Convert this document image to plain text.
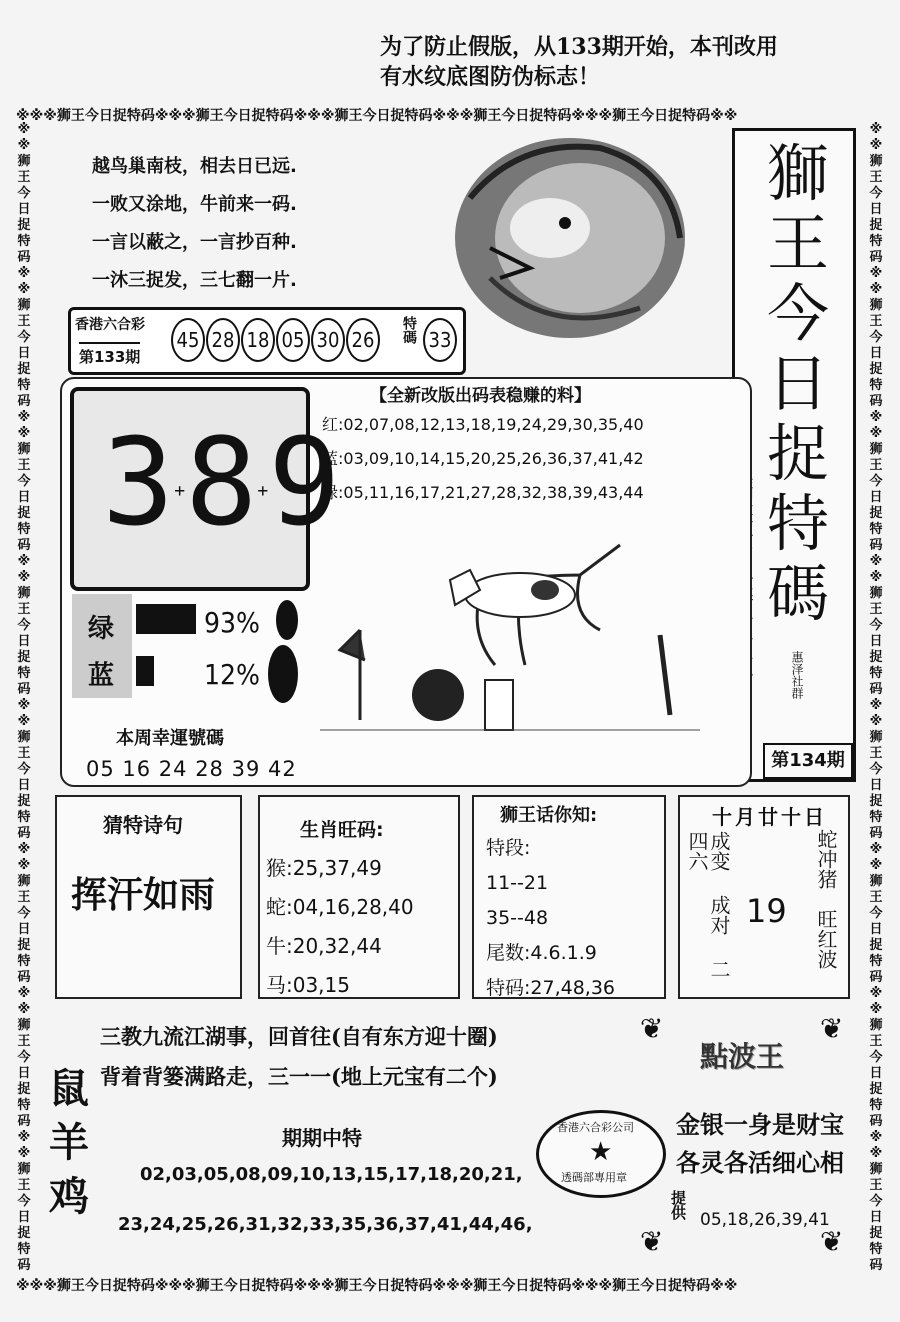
为了防止假版，从133期开始，本刊改用
有水纹底图防伪标志！
※※※狮王今日捉特码※※※狮王今日捉特码※※※狮王今日捉特码※※※狮王今日捉特码※※※狮王今日捉特码※※
※※※狮王今日捉特码※※※狮王今日捉特码※※※狮王今日捉特码※※※狮王今日捉特码※※※狮王今日捉特码※※
※※狮王今日捉特码※※狮王今日捉特码※※狮王今日捉特码※※狮王今日捉特码※※狮王今日捉特码※※狮王今日捉特码※※狮王今日捉特码※※狮王今日捉特码
※※狮王今日捉特码※※狮王今日捉特码※※狮王今日捉特码※※狮王今日捉特码※※狮王今日捉特码※※狮王今日捉特码※※狮王今日捉特码※※狮王今日捉特码
越鸟巢南枝，相去日已远.
一败又涂地，牛前来一码.
一言以蔽之，一言抄百种.
一沐三捉发，三七翻一片.
獅
王
今
日
捉
特
碼
惠泽社群
第134期
香港六合彩
第133期
45 28 18 05 30 26	特碼 33
3+8+9
绿
蓝
93%
12%
本周幸運號碼
05 16 24 28 39 42
【全新改版出码表稳赚的料】
红:02,07,08,12,13,18,19,24,29,30,35,40
蓝:03,09,10,14,15,20,25,26,36,37,41,42
绿:05,11,16,17,21,27,28,32,38,39,43,44
猜特诗句
挥汗如雨
生肖旺码:
猴:25,37,49
蛇:04,16,28,40
牛:20,32,44
马:03,15
狮王话你知:
特段:
11--21
35--48
尾数:4.6.1.9
特码:27,48,36
十月廿十日
成变 成对 二四六
19
蛇冲猪
旺红波
三教九流江湖事，回首往(自有东方迎十圈)
背着背篓满路走，三一一(地上元宝有二个)
❦	❦
❦	❦
點波王
鼠羊鸡
期期中特
02,03,05,08,09,10,13,15,17,18,20,21,
23,24,25,26,31,32,33,35,36,37,41,44,46,
香港六合彩公司
★
透碼部專用章
金银一身是财宝
各灵各活细心相
提供 05,18,26,39,41
